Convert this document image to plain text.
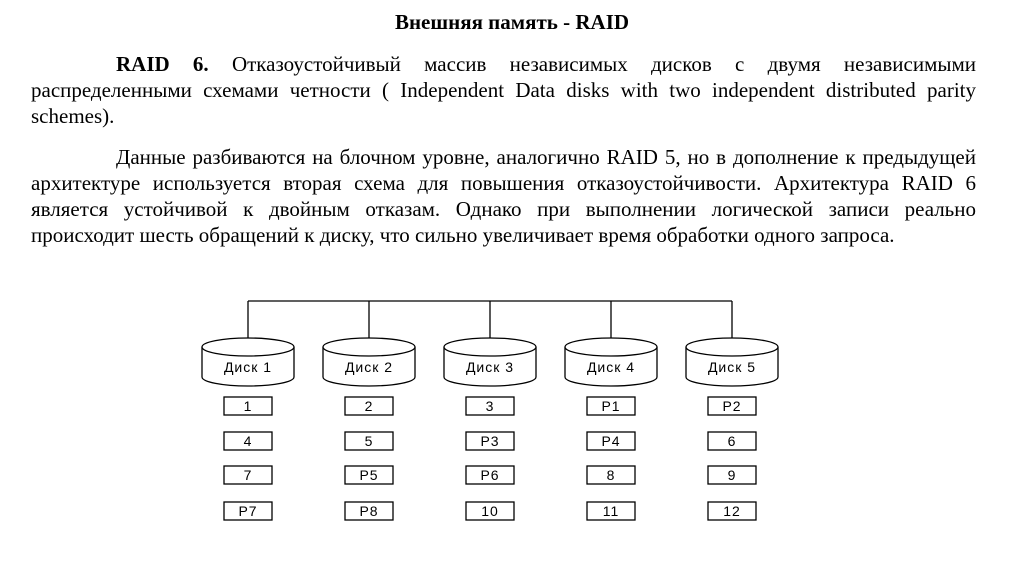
Внешняя память - RAID

RAID 6. Отказоустойчивый массив независимых дисков с двумя независимыми распределенными схемами четности ( Independent Data disks with two independent distributed parity schemes).

Данные разбиваются на блочном уровне, аналогично RAID 5, но в дополнение к предыдущей архитектуре используется вторая схема для повышения отказоустойчивости. Архитектура RAID 6 является устойчивой к двойным отказам. Однако при выполнении логической записи реально происходит шесть обращений к диску, что сильно увеличивает время обработки одного запроса.

Диск 1
1
4
7
P7
Диск 2
2
5
P5
P8
Диск 3
3
P3
P6
10
Диск 4
P1
P4
8
11
Диск 5
P2
6
9
12
